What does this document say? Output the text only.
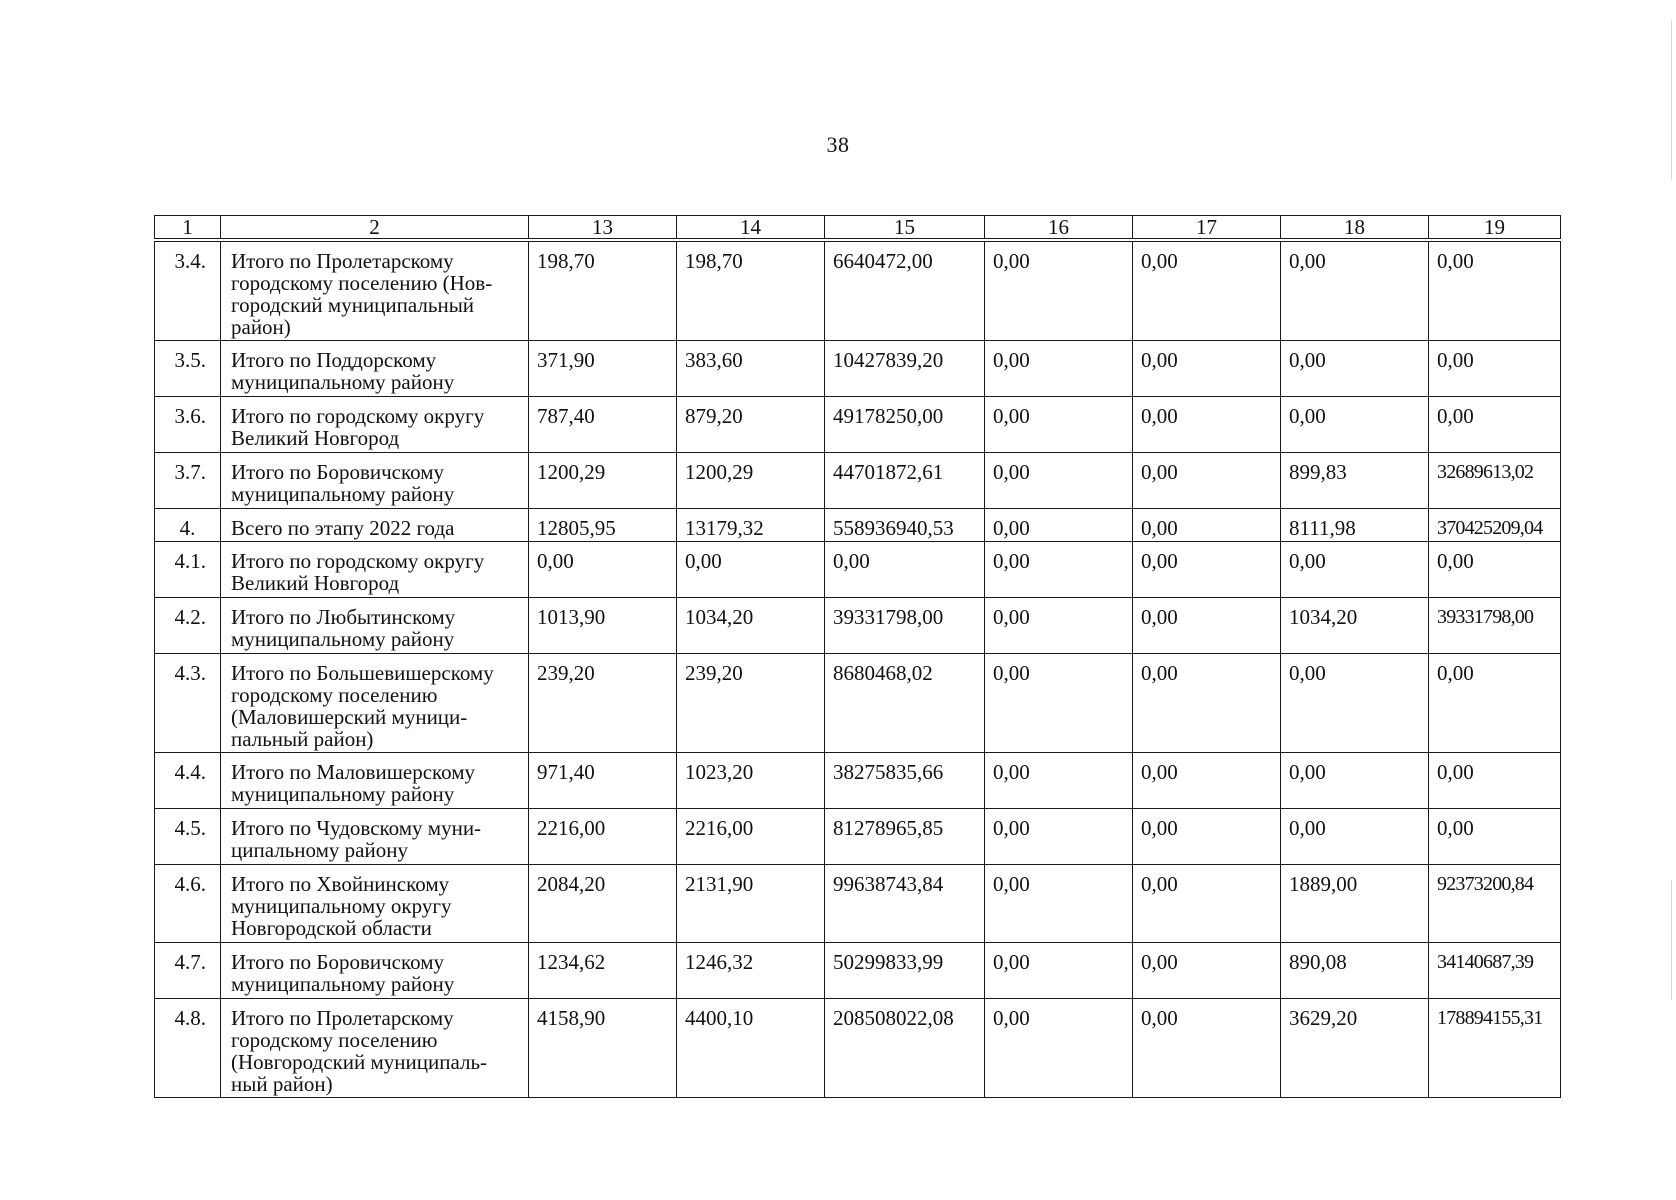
38
1	2	13	14	15	16	17	18	19
3.4.	Итого по Пролетарскому городскому поселению (Нов-городский муниципальный район)	198,70	198,70	6640472,00	0,00	0,00	0,00	0,00
3.5.	Итого по Поддорскому муниципальному району	371,90	383,60	10427839,20	0,00	0,00	0,00	0,00
3.6.	Итого по городскому округу Великий Новгород	787,40	879,20	49178250,00	0,00	0,00	0,00	0,00
3.7.	Итого по Боровичскому муниципальному району	1200,29	1200,29	44701872,61	0,00	0,00	899,83	32689613,02
4.	Всего по этапу 2022 года	12805,95	13179,32	558936940,53	0,00	0,00	8111,98	370425209,04
4.1.	Итого по городскому округу Великий Новгород	0,00	0,00	0,00	0,00	0,00	0,00	0,00
4.2.	Итого по Любытинскому муниципальному району	1013,90	1034,20	39331798,00	0,00	0,00	1034,20	39331798,00
4.3.	Итого по Большевишерскому городскому поселению (Маловишерский муници-пальный район)	239,20	239,20	8680468,02	0,00	0,00	0,00	0,00
4.4.	Итого по Маловишерскому муниципальному району	971,40	1023,20	38275835,66	0,00	0,00	0,00	0,00
4.5.	Итого по Чудовскому муни-ципальному району	2216,00	2216,00	81278965,85	0,00	0,00	0,00	0,00
4.6.	Итого по Хвойнинскому муниципальному округу Новгородской области	2084,20	2131,90	99638743,84	0,00	0,00	1889,00	92373200,84
4.7.	Итого по Боровичскому муниципальному району	1234,62	1246,32	50299833,99	0,00	0,00	890,08	34140687,39
4.8.	Итого по Пролетарскому городскому поселению (Новгородский муниципаль-ный район)	4158,90	4400,10	208508022,08	0,00	0,00	3629,20	178894155,31
